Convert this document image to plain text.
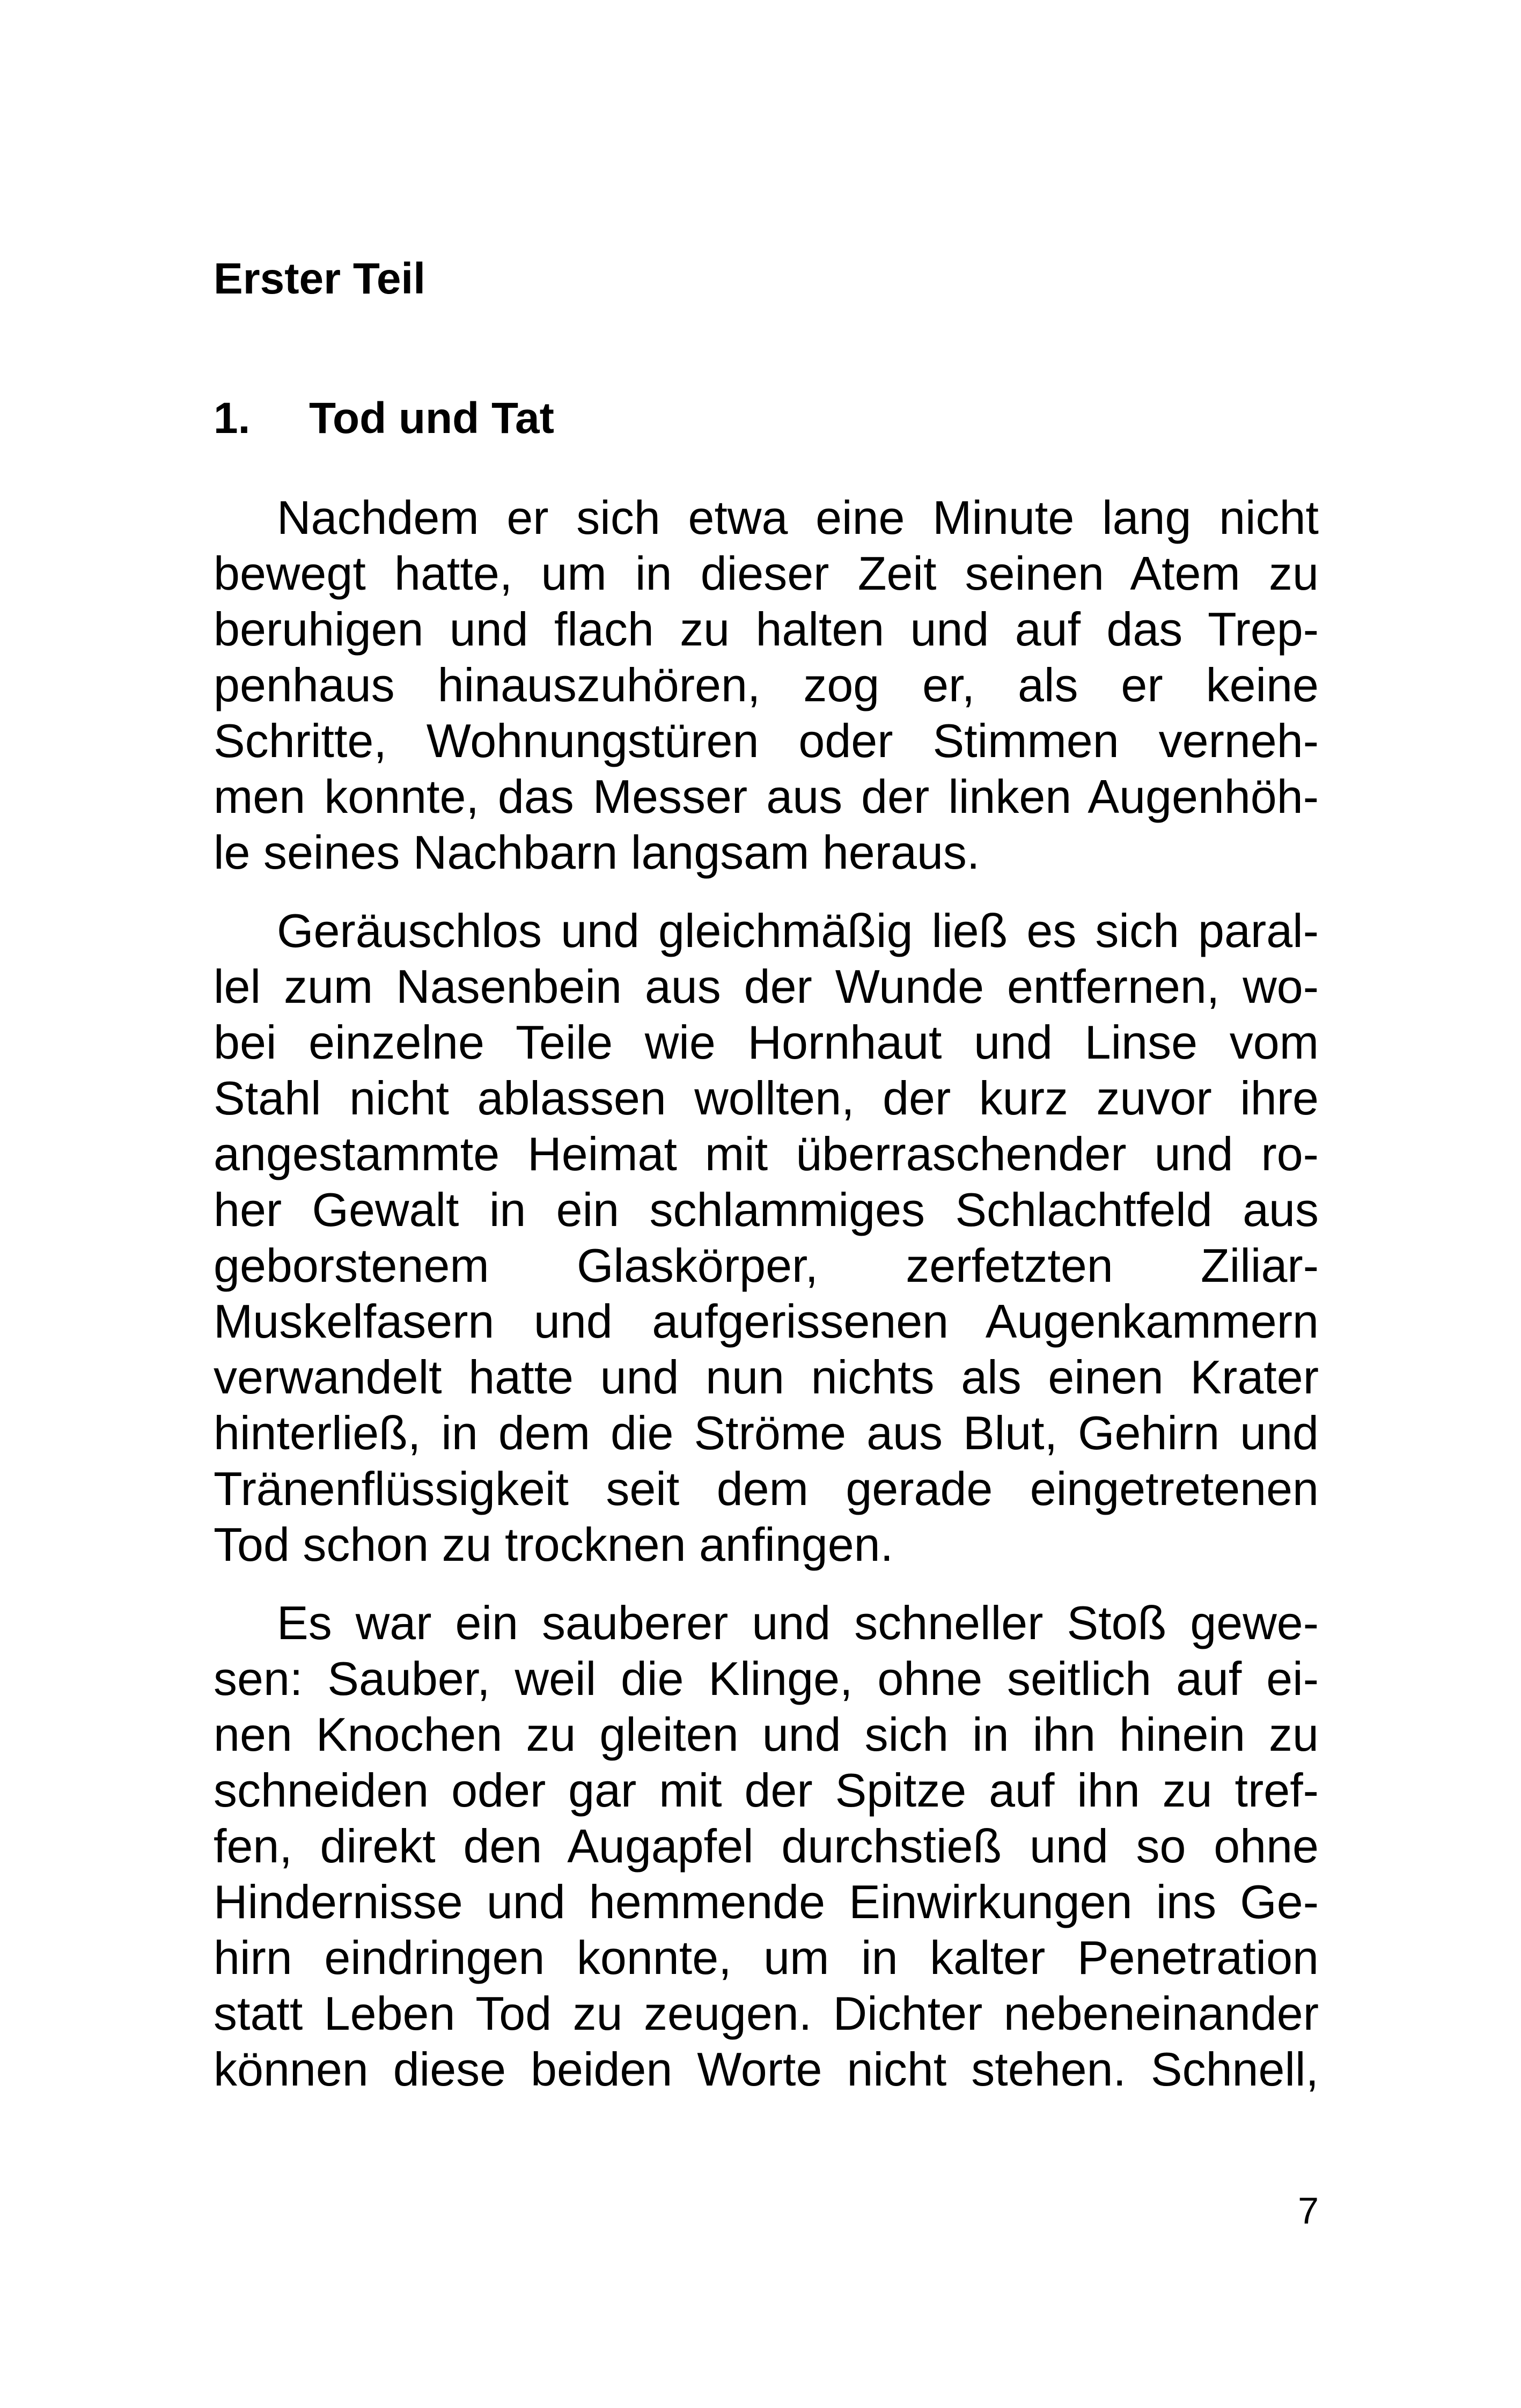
Erster Teil
1. Tod und Tat

Nachdem er sich etwa eine Minute lang nicht
bewegt hatte, um in dieser Zeit seinen Atem zu
beruhigen und flach zu halten und auf das Trep-
penhaus hinauszuhören, zog er, als er keine
Schritte, Wohnungstüren oder Stimmen verneh-
men konnte, das Messer aus der linken Augenhöh-
le seines Nachbarn langsam heraus.

Geräuschlos und gleichmäßig ließ es sich paral-
lel zum Nasenbein aus der Wunde entfernen, wo-
bei einzelne Teile wie Hornhaut und Linse vom
Stahl nicht ablassen wollten, der kurz zuvor ihre
angestammte Heimat mit überraschender und ro-
her Gewalt in ein schlammiges Schlachtfeld aus
geborstenem Glaskörper, zerfetzten Ziliar-
Muskelfasern und aufgerissenen Augenkammern
verwandelt hatte und nun nichts als einen Krater
hinterließ, in dem die Ströme aus Blut, Gehirn und
Tränenflüssigkeit seit dem gerade eingetretenen
Tod schon zu trocknen anfingen.

Es war ein sauberer und schneller Stoß gewe-
sen: Sauber, weil die Klinge, ohne seitlich auf ei-
nen Knochen zu gleiten und sich in ihn hinein zu
schneiden oder gar mit der Spitze auf ihn zu tref-
fen, direkt den Augapfel durchstieß und so ohne
Hindernisse und hemmende Einwirkungen ins Ge-
hirn eindringen konnte, um in kalter Penetration
statt Leben Tod zu zeugen. Dichter nebeneinander
können diese beiden Worte nicht stehen. Schnell,

7
